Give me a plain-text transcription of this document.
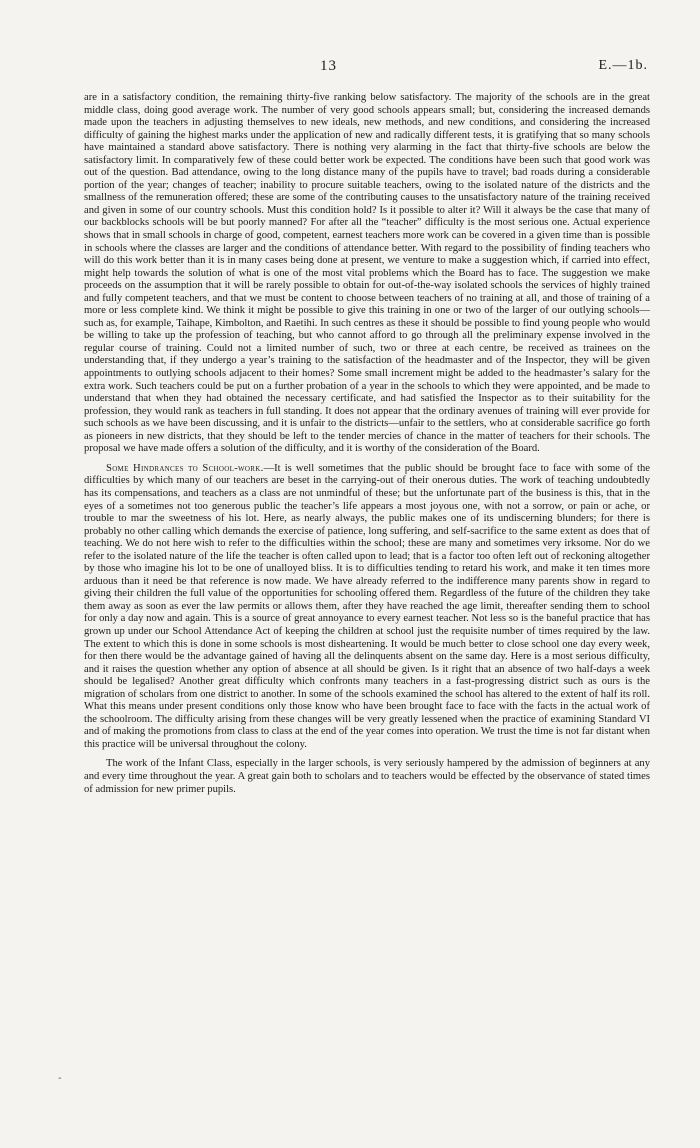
13	E.—1b.

are in a satisfactory condition, the remaining thirty-five ranking below satisfactory. The majority of the schools are in the great middle class, doing good average work. The number of very good schools appears small; but, considering the increased demands made upon the teachers in adjusting themselves to new ideals, new methods, and new conditions, and considering the increased difficulty of gaining the highest marks under the application of new and radically different tests, it is gratifying that so many schools have maintained a standard above satisfactory. There is nothing very alarming in the fact that thirty-five schools are below the satisfactory limit. In comparatively few of these could better work be expected. The conditions have been such that good work was out of the question. Bad attendance, owing to the long distance many of the pupils have to travel; bad roads during a considerable portion of the year; changes of teacher; inability to procure suitable teachers, owing to the isolated nature of the districts and the smallness of the remuneration offered; these are some of the contributing causes to the unsatisfactory nature of the training received and given in some of our country schools. Must this condition hold? Is it possible to alter it? Will it always be the case that many of our backblocks schools will be but poorly manned? For after all the “teacher” difficulty is the most serious one. Actual experience shows that in small schools in charge of good, competent, earnest teachers more work can be covered in a given time than is possible in schools where the classes are larger and the conditions of attendance better. With regard to the possibility of finding teachers who will do this work better than it is in many cases being done at present, we venture to make a suggestion which, if carried into effect, might help towards the solution of what is one of the most vital problems which the Board has to face. The suggestion we make proceeds on the assumption that it will be rarely possible to obtain for out-of-the-way isolated schools the services of highly trained and fully competent teachers, and that we must be content to choose between teachers of no training at all, and those of training of a more or less complete kind. We think it might be possible to give this training in one or two of the larger of our outlying schools—such as, for example, Taihape, Kimbolton, and Raetihi. In such centres as these it should be possible to find young people who would be willing to take up the profession of teaching, but who cannot afford to go through all the preliminary expense involved in the regular course of training. Could not a limited number of such, two or three at each centre, be received as trainees on the understanding that, if they undergo a year’s training to the satisfaction of the headmaster and of the Inspector, they will be given appointments to outlying schools adjacent to their homes? Some small increment might be added to the headmaster’s salary for the extra work. Such teachers could be put on a further probation of a year in the schools to which they were appointed, and be made to understand that when they had obtained the necessary certificate, and had satisfied the Inspector as to their suitability for the profession, they would rank as teachers in full standing. It does not appear that the ordinary avenues of training will ever provide for such schools as we have been discussing, and it is unfair to the districts—unfair to the settlers, who at considerable sacrifice go forth as pioneers in new districts, that they should be left to the tender mercies of chance in the matter of teachers for their schools. The proposal we have made offers a solution of the difficulty, and it is worthy of the consideration of the Board.

Some Hindrances to School-work.—It is well sometimes that the public should be brought face to face with some of the difficulties by which many of our teachers are beset in the carrying-out of their onerous duties. The work of teaching undoubtedly has its compensations, and teachers as a class are not unmindful of these; but the unfortunate part of the business is this, that in the eyes of a sometimes not too generous public the teacher’s life appears a most joyous one, with not a sorrow, or pain or ache, or trouble to mar the sweetness of his lot. Here, as nearly always, the public makes one of its undiscerning blunders; for there is probably no other calling which demands the exercise of patience, long suffering, and self-sacrifice to the same extent as does that of teaching. We do not here wish to refer to the difficulties within the school; these are many and sometimes very irksome. Nor do we refer to the isolated nature of the life the teacher is often called upon to lead; that is a factor too often left out of reckoning altogether by those who imagine his lot to be one of unalloyed bliss. It is to difficulties tending to retard his work, and make it ten times more arduous than it need be that reference is now made. We have already referred to the indifference many parents show in regard to giving their children the full value of the opportunities for schooling offered them. Regardless of the future of the children they take them away as soon as ever the law permits or allows them, after they have reached the age limit, thereafter sending them to school for only a day now and again. This is a source of great annoyance to every earnest teacher. Not less so is the baneful practice that has grown up under our School Attendance Act of keeping the children at school just the requisite number of times required by the law. The extent to which this is done in some schools is most disheartening. It would be much better to close school one day every week, for then there would be the advantage gained of having all the delinquents absent on the same day. Here is a most serious difficulty, and it raises the question whether any option of absence at all should be given. Is it right that an absence of two half-days a week should be legalised? Another great difficulty which confronts many teachers in a fast-progressing district such as ours is the migration of scholars from one district to another. In some of the schools examined the school has altered to the extent of half its roll. What this means under present conditions only those know who have been brought face to face with the facts in the actual work of the schoolroom. The difficulty arising from these changes will be very greatly lessened when the practice of examining Standard VI and of making the promotions from class to class at the end of the year comes into operation. We trust the time is not far distant when this practice will be universal throughout the colony.

The work of the Infant Class, especially in the larger schools, is very seriously hampered by the admission of beginners at any and every time throughout the year. A great gain both to scholars and to teachers would be effected by the observance of stated times of admission for new primer pupils.

-
